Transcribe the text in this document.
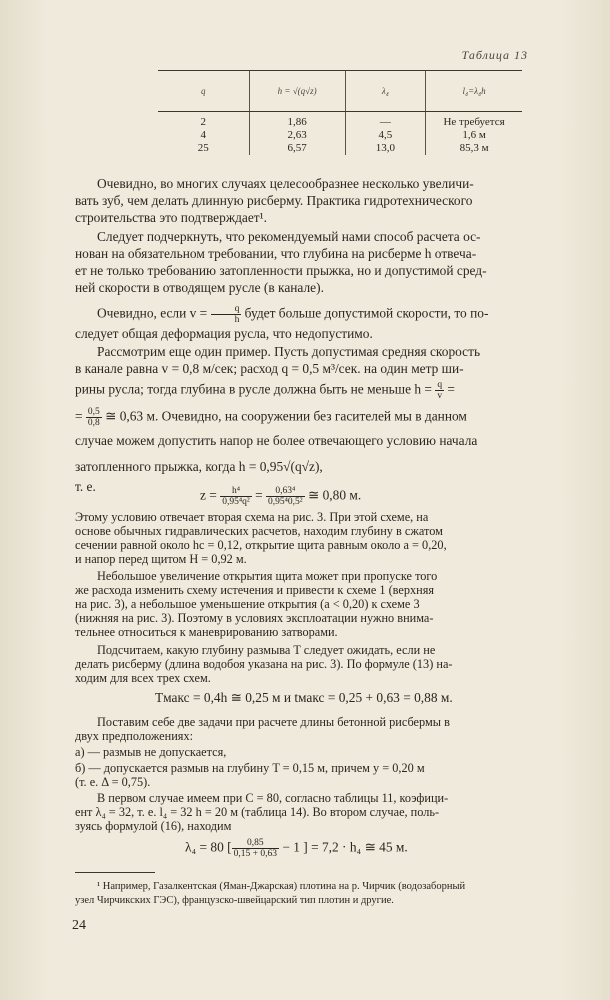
Таблица 13
q	h = √(q√z)	λ₄	l₄=λ₄h
2	1,86	—	Не требуется
4	2,63	4,5	1,6 м
25	6,57	13,0	85,3 м
Очевидно, во многих случаях целесообразнее несколько увеличи-
вать зуб, чем делать длинную рисберму. Практика гидротехнического
строительства это подтверждает¹.
Следует подчеркнуть, что рекомендуемый нами способ расчета ос-
нован на обязательном требовании, что глубина на рисберме h отвеча-
ет не только требованию затопленности прыжка, но и допустимой сред-
ней скорости в отводящем русле (в канале).
Очевидно, если $v = \frac{q}{h}$ будет больше допустимой скорости, то по-
следует общая деформация русла, что недопустимо.
Рассмотрим еще один пример. Пусть допустимая средняя скорость
в канале равна v = 0,8 м/сек; расход q = 0,5 м³/сек. на один метр ши-
рины русла; тогда глубина в русле должна быть не меньше $h = \frac{q}{v}$ =
= $\frac{0,5}{0,8}$ ≅ 0,63 м. Очевидно, на сооружении без гасителей мы в данном
случае можем допустить напор не более отвечающего условию начала
затопленного прыжка, когда h = 0,95√(q√z),
т. е.
$z = \frac{\text{h⁴}}{\text{0,95⁴q²}} = \frac{\text{0,63⁴}}{\text{0,95⁴0,5²}}$ ≅ 0,80 м.
Этому условию отвечает вторая схема на рис. 3. При этой схеме, на
основе обычных гидравлических расчетов, находим глубину в сжатом
сечении равной около hc = 0,12, открытие щита равным около a = 0,20,
и напор перед щитом H = 0,92 м.
Небольшое увеличение открытия щита может при пропуске того
же расхода изменить схему истечения и привести к схеме 1 (верхняя
на рис. 3), а небольшое уменьшение открытия (a < 0,20) к схеме 3
(нижняя на рис. 3). Поэтому в условиях эксплоатации нужно внима-
тельнее относиться к маневрированию затворами.
Подсчитаем, какую глубину размыва T следует ожидать, если не
делать рисберму (длина водобоя указана на рис. 3). По формуле (13) на-
ходим для всех трех схем.
Tмакс = 0,4h ≅ 0,25 м и tмакс = 0,25 + 0,63 = 0,88 м.
Поставим себе две задачи при расчете длины бетонной рисбермы в
двух предположениях:
а) — размыв не допускается,
б) — допускается размыв на глубину T = 0,15 м, причем y = 0,20 м
(т. е. Δ = 0,75).
В первом случае имеем при C = 80, согласно таблицы 11, коэфици-
ент λ₄ = 32, т. е. l₄ = 32 h = 20 м (таблица 14). Во втором случае, поль-
зуясь формулой (16), находим
λ₄ = 80 [ $\frac{0,85}{0,15 + 0,63} - 1$ ] = 7,2 · h₄ ≅ 45 м.
¹ Например, Газалкентская (Яман-Джарская) плотина на р. Чирчик (водозаборный
узел Чирчикских ГЭС), французско-швейцарский тип плотин и другие.
24
